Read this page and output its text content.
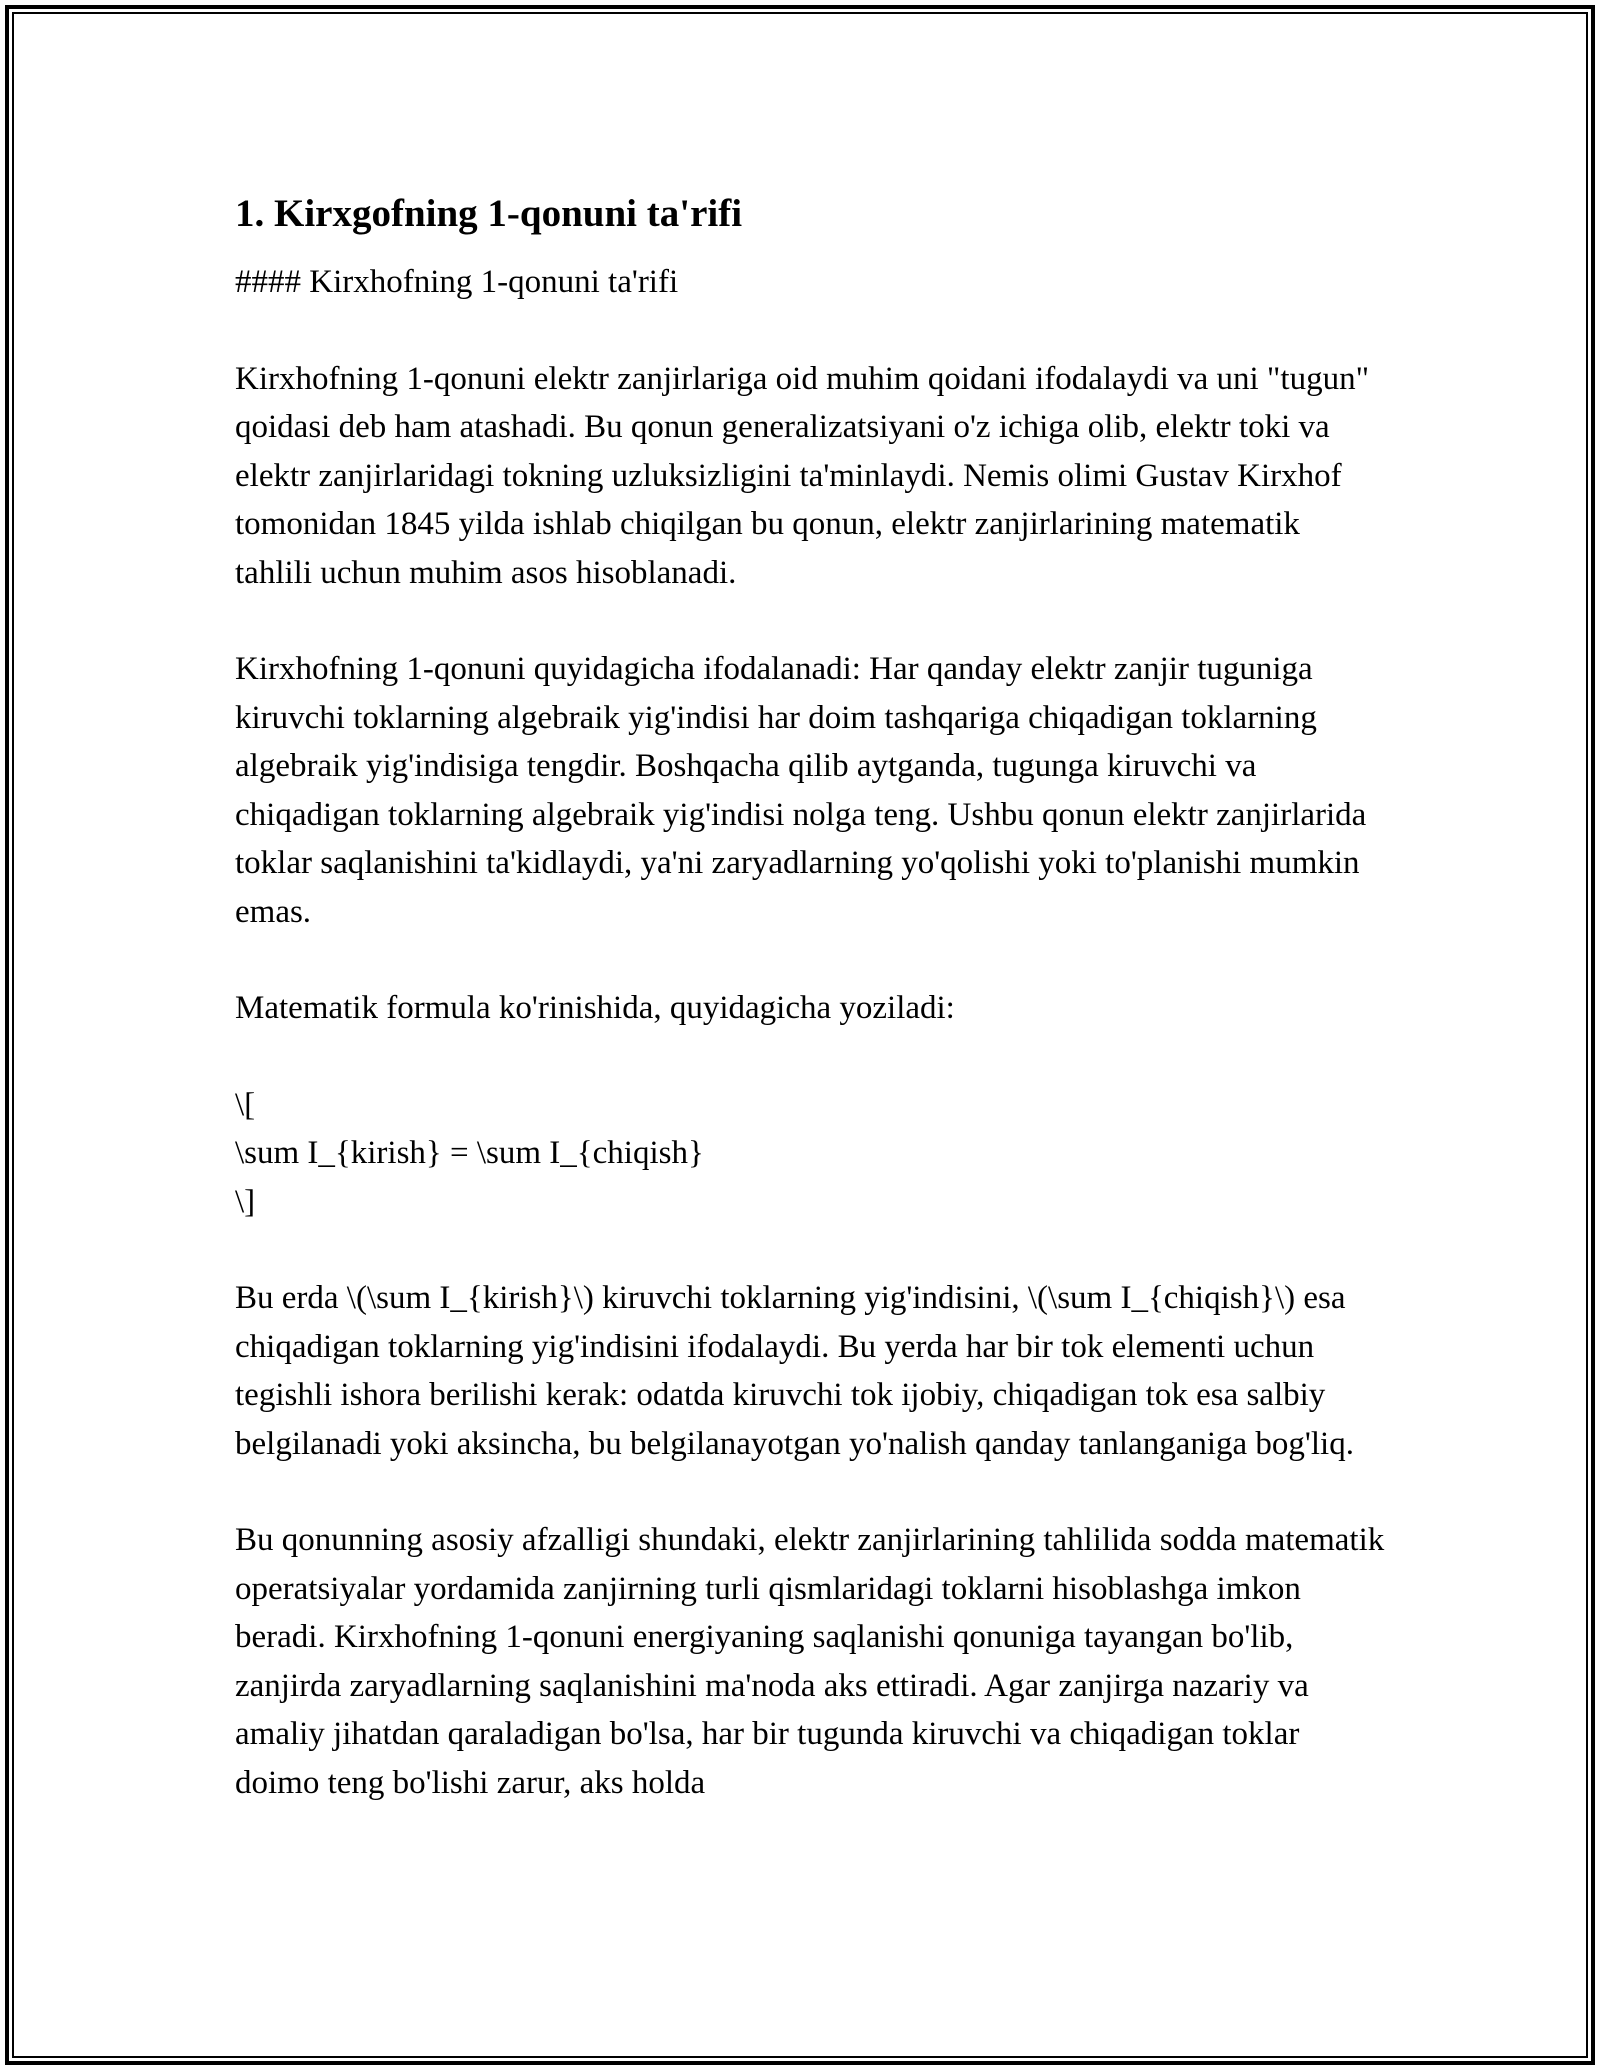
1. Kirxgofning 1-qonuni ta'rifi
#### Kirxhofning 1-qonuni ta'rifi
Kirxhofning 1-qonuni elektr zanjirlariga oid muhim qoidani ifodalaydi va uni "tugun" qoidasi deb ham atashadi. Bu qonun generalizatsiyani o'z ichiga olib, elektr toki va elektr zanjirlaridagi tokning uzluksizligini ta'minlaydi. Nemis olimi Gustav Kirxhof tomonidan 1845 yilda ishlab chiqilgan bu qonun, elektr zanjirlarining matematik tahlili uchun muhim asos hisoblanadi.
Kirxhofning 1-qonuni quyidagicha ifodalanadi: Har qanday elektr zanjir tuguniga kiruvchi toklarning algebraik yig'indisi har doim tashqariga chiqadigan toklarning algebraik yig'indisiga tengdir. Boshqacha qilib aytganda, tugunga kiruvchi va chiqadigan toklarning algebraik yig'indisi nolga teng. Ushbu qonun elektr zanjirlarida toklar saqlanishini ta'kidlaydi, ya'ni zaryadlarning yo'qolishi yoki to'planishi mumkin emas.
Matematik formula ko'rinishida, quyidagicha yoziladi:
\[
\sum I_{kirish} = \sum I_{chiqish}
\]
Bu erda \(\sum I_{kirish}\) kiruvchi toklarning yig'indisini, \(\sum I_{chiqish}\) esa chiqadigan toklarning yig'indisini ifodalaydi. Bu yerda har bir tok elementi uchun tegishli ishora berilishi kerak: odatda kiruvchi tok ijobiy, chiqadigan tok esa salbiy belgilanadi yoki aksincha, bu belgilanayotgan yo'nalish qanday tanlanganiga bog'liq.
Bu qonunning asosiy afzalligi shundaki, elektr zanjirlarining tahlilida sodda matematik operatsiyalar yordamida zanjirning turli qismlaridagi toklarni hisoblashga imkon beradi. Kirxhofning 1-qonuni energiyaning saqlanishi qonuniga tayangan bo'lib, zanjirda zaryadlarning saqlanishini ma'noda aks ettiradi. Agar zanjirga nazariy va amaliy jihatdan qaraladigan bo'lsa, har bir tugunda kiruvchi va chiqadigan toklar doimo teng bo'lishi zarur, aks holda
